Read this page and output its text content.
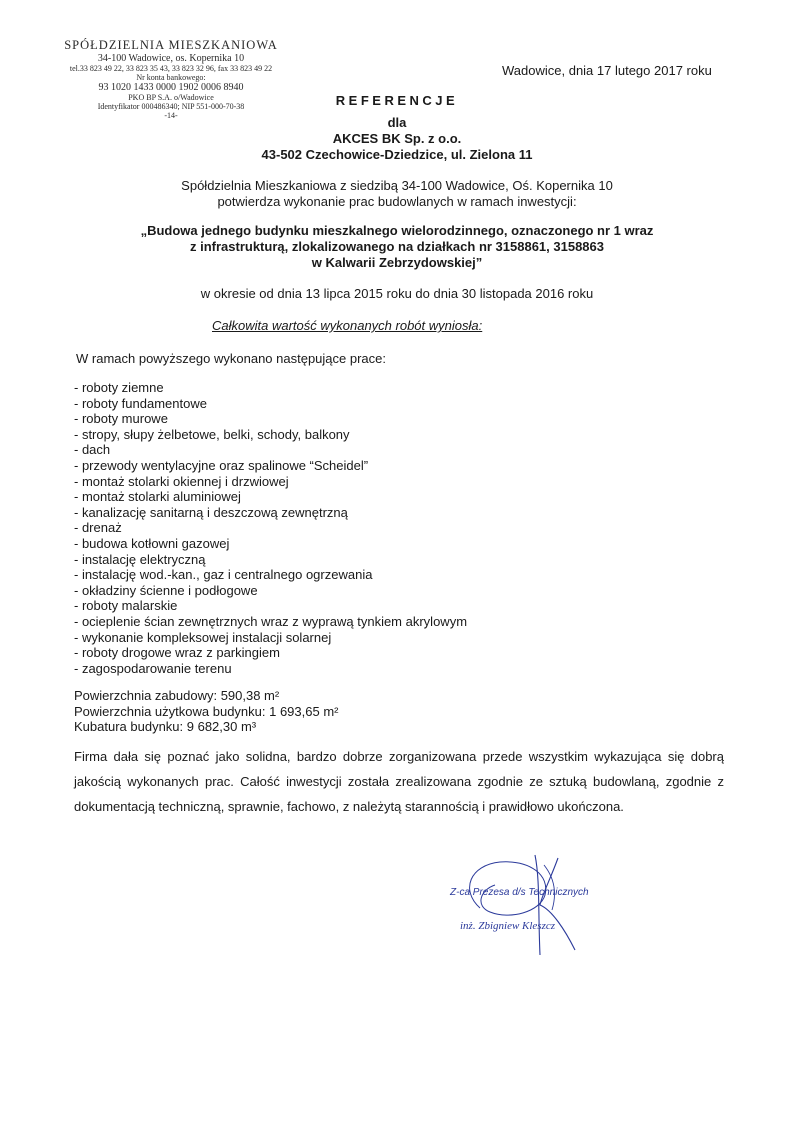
SPÓŁDZIELNIA MIESZKANIOWA
34-100 Wadowice, os. Kopernika 10
tel.33 823 49 22, 33 823 35 43, 33 823 32 96, fax 33 823 49 22
Nr konta bankowego:
93 1020 1433 0000 1902 0006 8940
PKO BP S.A. o/Wadowice
Identyfikator 000486340; NIP 551-000-70-38
-14-
Wadowice, dnia 17 lutego 2017 roku
REFERENCJE
dla
AKCES BK Sp. z o.o.
43-502 Czechowice-Dziedzice, ul. Zielona 11
Spółdzielnia Mieszkaniowa z siedzibą 34-100 Wadowice, Oś. Kopernika 10
potwierdza wykonanie prac budowlanych w ramach inwestycji:
„Budowa jednego budynku mieszkalnego wielorodzinnego, oznaczonego nr 1 wraz
z infrastrukturą, zlokalizowanego na działkach nr 3158861, 3158863
w Kalwarii Zebrzydowskiej”
w okresie od dnia 13 lipca 2015 roku do dnia 30 listopada 2016 roku
Całkowita wartość wykonanych robót wyniosła:
W ramach powyższego wykonano następujące prace:
- roboty ziemne
- roboty fundamentowe
- roboty murowe
- stropy, słupy żelbetowe, belki, schody, balkony
- dach
- przewody wentylacyjne oraz spalinowe “Scheidel”
- montaż stolarki okiennej i drzwiowej
- montaż stolarki aluminiowej
- kanalizację sanitarną i deszczową zewnętrzną
- drenaż
- budowa kotłowni gazowej
- instalację elektryczną
- instalację wod.-kan., gaz i centralnego ogrzewania
- okładziny ścienne i podłogowe
- roboty malarskie
- ocieplenie ścian zewnętrznych wraz z wyprawą tynkiem akrylowym
- wykonanie kompleksowej instalacji solarnej
- roboty drogowe wraz z parkingiem
- zagospodarowanie terenu
Powierzchnia zabudowy: 590,38 m²
Powierzchnia użytkowa budynku: 1 693,65 m²
Kubatura budynku: 9 682,30 m³
Firma dała się poznać jako solidna, bardzo dobrze zorganizowana przede wszystkim wykazująca się dobrą jakością wykonanych prac. Całość inwestycji została zrealizowana zgodnie ze sztuką budowlaną, zgodnie z dokumentacją techniczną, sprawnie, fachowo, z należytą starannością i prawidłowo ukończona.
Z-ca Prezesa d/s Technicznych
inż. Zbigniew Kleszcz
